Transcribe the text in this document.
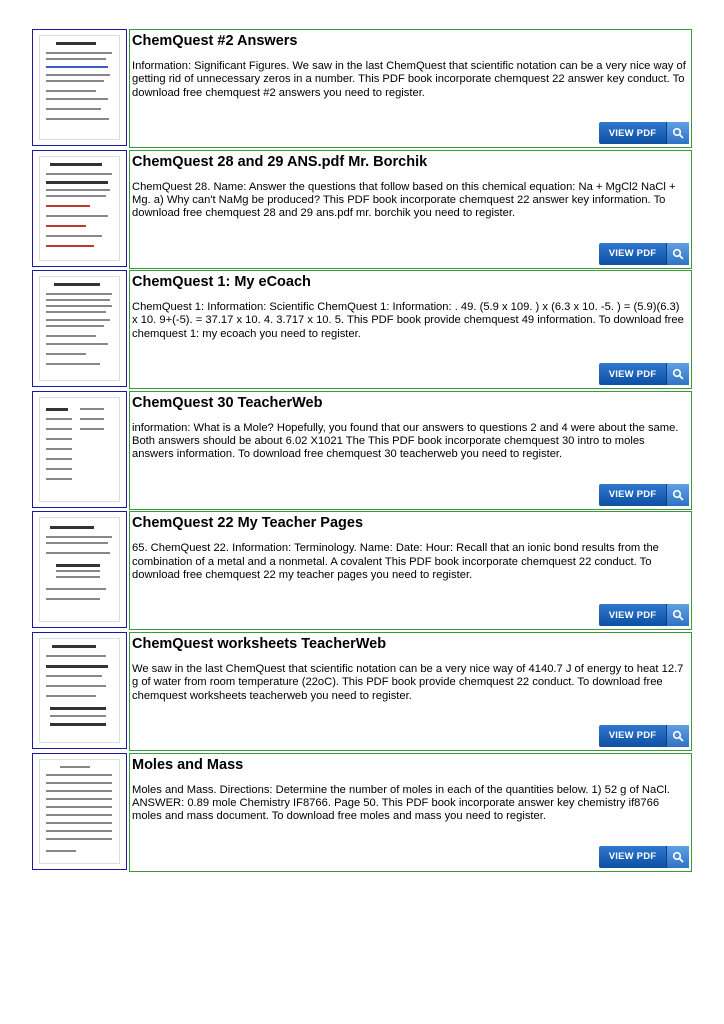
ChemQuest #2 Answers
Information: Significant Figures. We saw in the last ChemQuest that scientific notation can be a very nice way of getting rid of unnecessary zeros in a number. This PDF book incorporate chemquest 22 answer key conduct. To download free chemquest #2 answers you need to register.
VIEW PDF
ChemQuest 28 and 29 ANS.pdf Mr. Borchik
ChemQuest 28. Name: Answer the questions that follow based on this chemical equation: Na + MgCl2 NaCl + Mg. a) Why can't NaMg be produced? This PDF book incorporate chemquest 22 answer key information. To download free chemquest 28 and 29 ans.pdf mr. borchik you need to register.
VIEW PDF
ChemQuest 1: My eCoach
ChemQuest 1: Information: Scientific ChemQuest 1: Information: . 49. (5.9 x 109. ) x (6.3 x 10. -5. ) = (5.9)(6.3) x 10. 9+(-5). = 37.17 x 10. 4. 3.717 x 10. 5. This PDF book provide chemquest 49 information. To download free chemquest 1: my ecoach you need to register.
VIEW PDF
ChemQuest 30 TeacherWeb
information: What is a Mole? Hopefully, you found that our answers to questions 2 and 4 were about the same. Both answers should be about 6.02 X1021 The This PDF book incorporate chemquest 30 intro to moles answers information. To download free chemquest 30 teacherweb you need to register.
VIEW PDF
ChemQuest 22 My Teacher Pages
65. ChemQuest 22. Information: Terminology. Name: Date: Hour: Recall that an ionic bond results from the combination of a metal and a nonmetal. A covalent This PDF book incorporate chemquest 22 conduct. To download free chemquest 22 my teacher pages you need to register.
VIEW PDF
ChemQuest worksheets TeacherWeb
We saw in the last ChemQuest that scientific notation can be a very nice way of 4140.7 J of energy to heat 12.7 g of water from room temperature (22oC). This PDF book provide chemquest 22 conduct. To download free chemquest worksheets teacherweb you need to register.
VIEW PDF
Moles and Mass
Moles and Mass. Directions: Determine the number of moles in each of the quantities below. 1) 52 g of NaCl. ANSWER: 0.89 mole Chemistry IF8766. Page 50. This PDF book incorporate answer key chemistry if8766 moles and mass document. To download free moles and mass you need to register.
VIEW PDF
